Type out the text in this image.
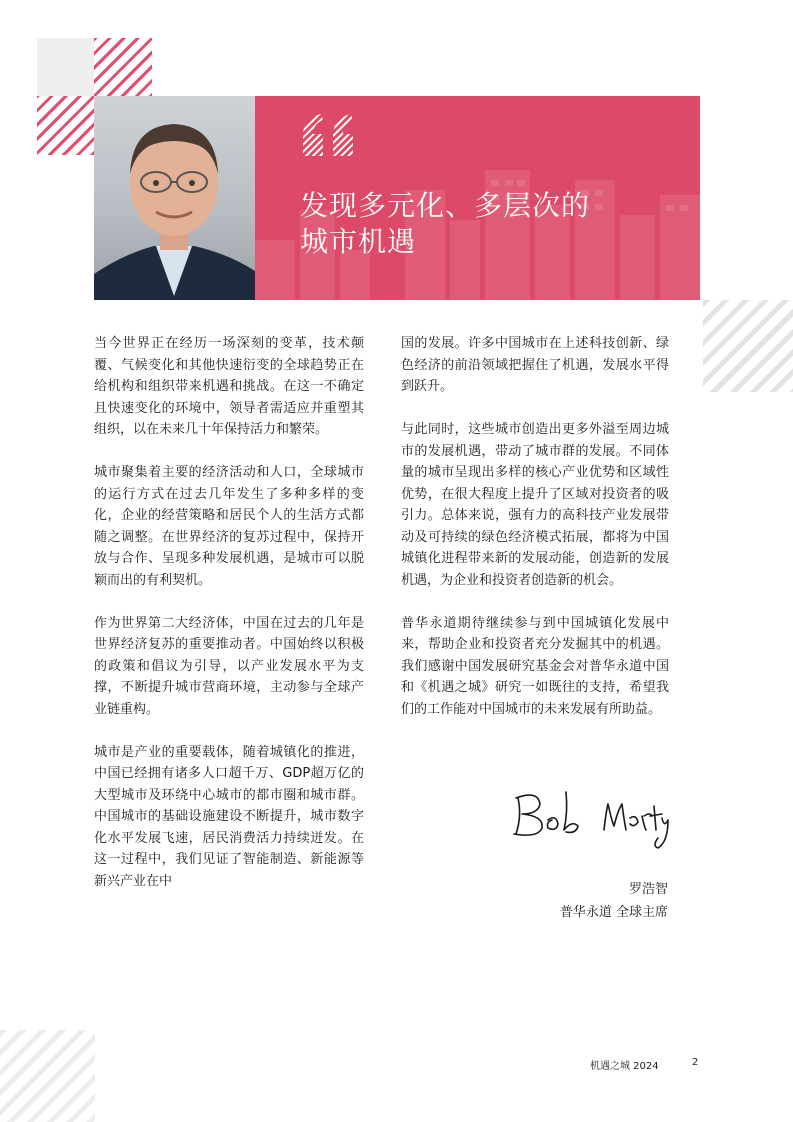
发现多元化、多层次的
城市机遇

当今世界正在经历一场深刻的变革，技术颠覆、气候变化和其他快速衍变的全球趋势正在给机构和组织带来机遇和挑战。在这一不确定且快速变化的环境中，领导者需适应并重塑其组织，以在未来几十年保持活力和繁荣。

城市聚集着主要的经济活动和人口，全球城市的运行方式在过去几年发生了多种多样的变化，企业的经营策略和居民个人的生活方式都随之调整。在世界经济的复苏过程中，保持开放与合作、呈现多种发展机遇，是城市可以脱颖而出的有利契机。

作为世界第二大经济体，中国在过去的几年是世界经济复苏的重要推动者。中国始终以积极的政策和倡议为引导，以产业发展水平为支撑，不断提升城市营商环境，主动参与全球产业链重构。

城市是产业的重要载体，随着城镇化的推进，中国已经拥有诸多人口超千万、GDP超万亿的大型城市及环绕中心城市的都市圈和城市群。中国城市的基础设施建设不断提升，城市数字化水平发展飞速，居民消费活力持续迸发。在这一过程中，我们见证了智能制造、新能源等新兴产业在中

国的发展。许多中国城市在上述科技创新、绿色经济的前沿领域把握住了机遇，发展水平得到跃升。

与此同时，这些城市创造出更多外溢至周边城市的发展机遇，带动了城市群的发展。不同体量的城市呈现出多样的核心产业优势和区域性优势，在很大程度上提升了区域对投资者的吸引力。总体来说，强有力的高科技产业发展带动及可持续的绿色经济模式拓展，都将为中国城镇化进程带来新的发展动能，创造新的发展机遇，为企业和投资者创造新的机会。

普华永道期待继续参与到中国城镇化发展中来，帮助企业和投资者充分发掘其中的机遇。我们感谢中国发展研究基金会对普华永道中国和《机遇之城》研究一如既往的支持，希望我们的工作能对中国城市的未来发展有所助益。

罗浩智
普华永道 全球主席
机遇之城 2024	2
